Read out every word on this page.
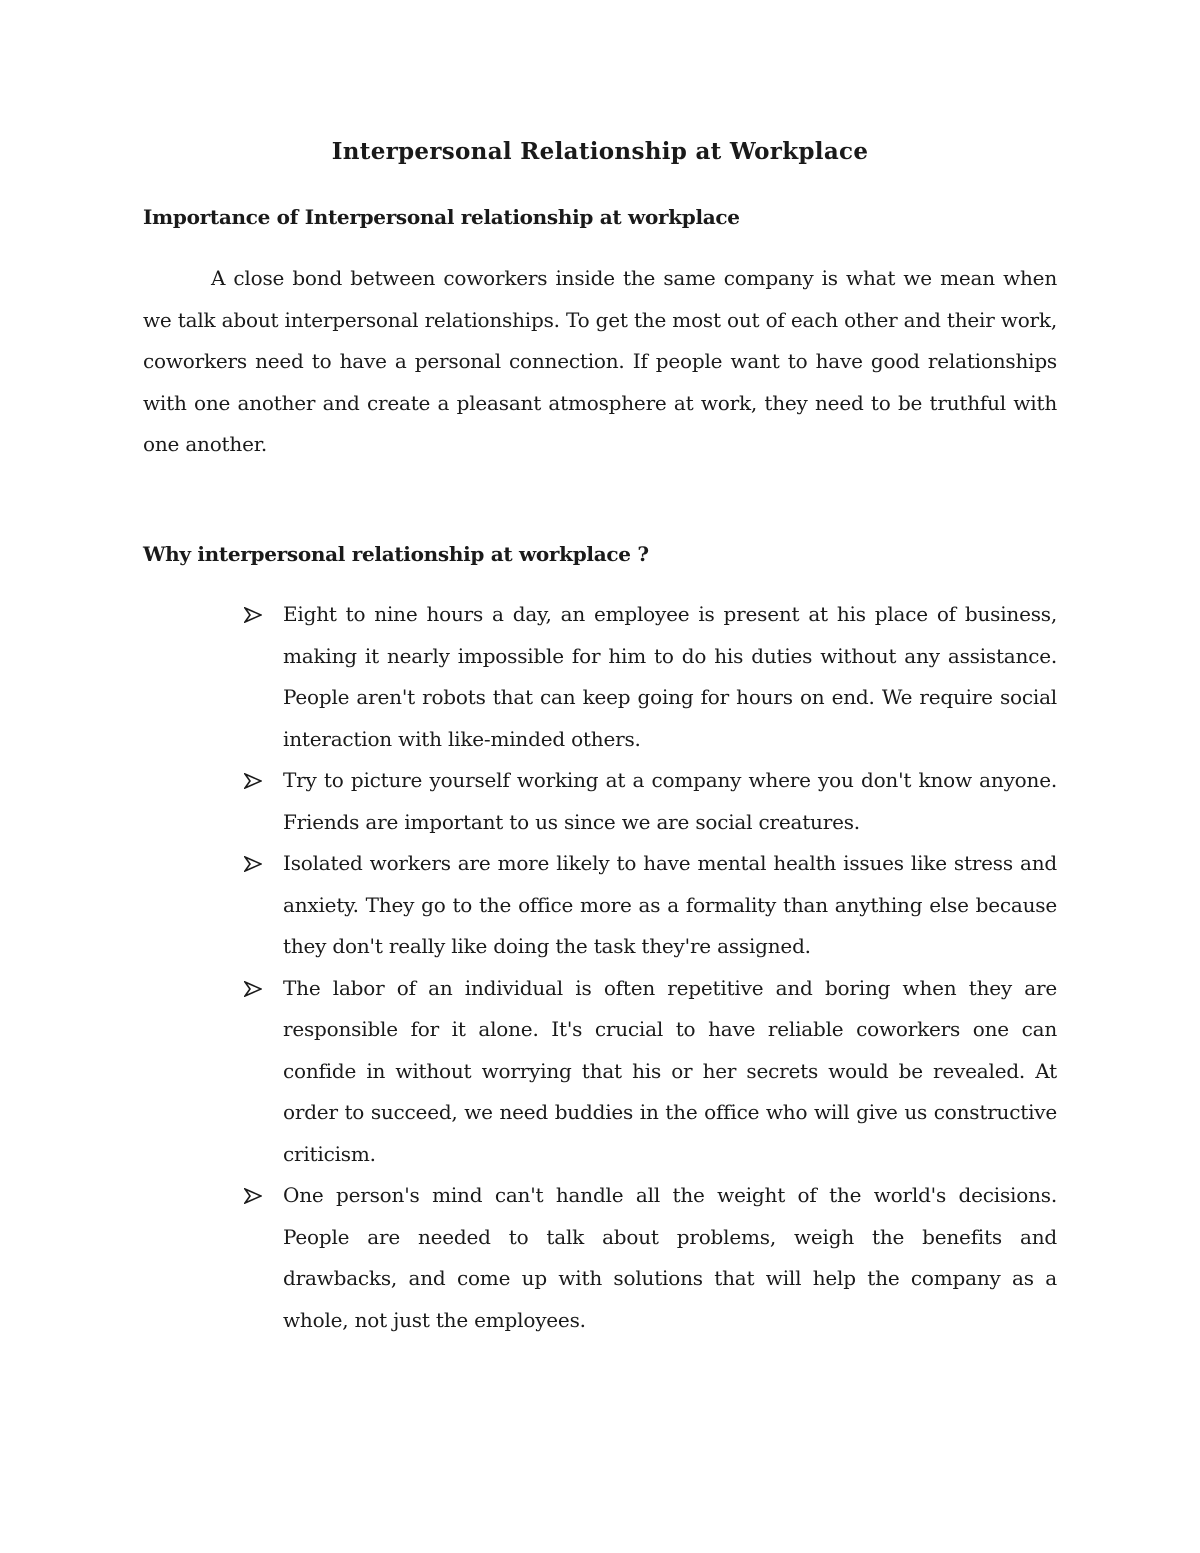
Interpersonal Relationship at Workplace
Importance of Interpersonal relationship at workplace

A close bond between coworkers inside the same company is what we mean when we talk about interpersonal relationships. To get the most out of each other and their work, coworkers need to have a personal connection. If people want to have good relationships with one another and create a pleasant atmosphere at work, they need to be truthful with one another.

Why interpersonal relationship at workplace ?
Eight to nine hours a day, an employee is present at his place of business, making it nearly impossible for him to do his duties without any assistance. People aren't robots that can keep going for hours on end. We require social interaction with like-minded others.
Try to picture yourself working at a company where you don't know anyone. Friends are important to us since we are social creatures.
Isolated workers are more likely to have mental health issues like stress and anxiety. They go to the office more as a formality than anything else because they don't really like doing the task they're assigned.
The labor of an individual is often repetitive and boring when they are responsible for it alone. It's crucial to have reliable coworkers one can confide in without worrying that his or her secrets would be revealed. At order to succeed, we need buddies in the office who will give us constructive criticism.
One person's mind can't handle all the weight of the world's decisions. People are needed to talk about problems, weigh the benefits and drawbacks, and come up with solutions that will help the company as a whole, not just the employees.
